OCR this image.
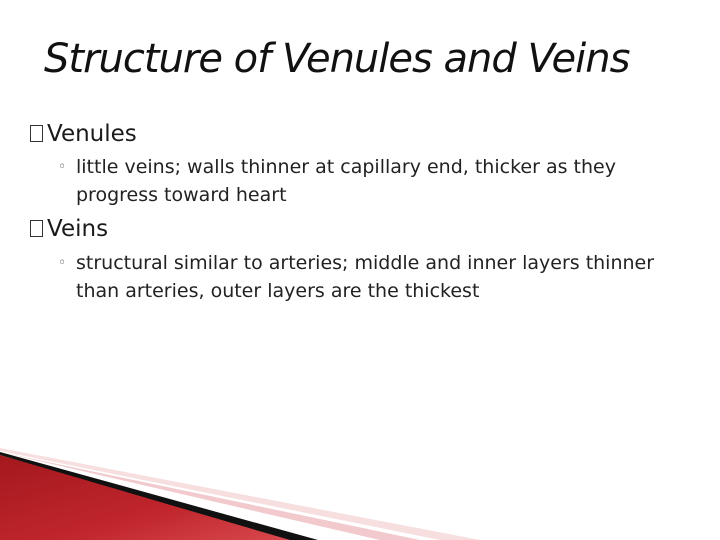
Structure of Venules and Veins
Venules
◦ little veins; walls thinner at capillary end, thicker as they progress toward heart
Veins
◦ structural similar to arteries; middle and inner layers thinner than arteries, outer layers are the thickest
